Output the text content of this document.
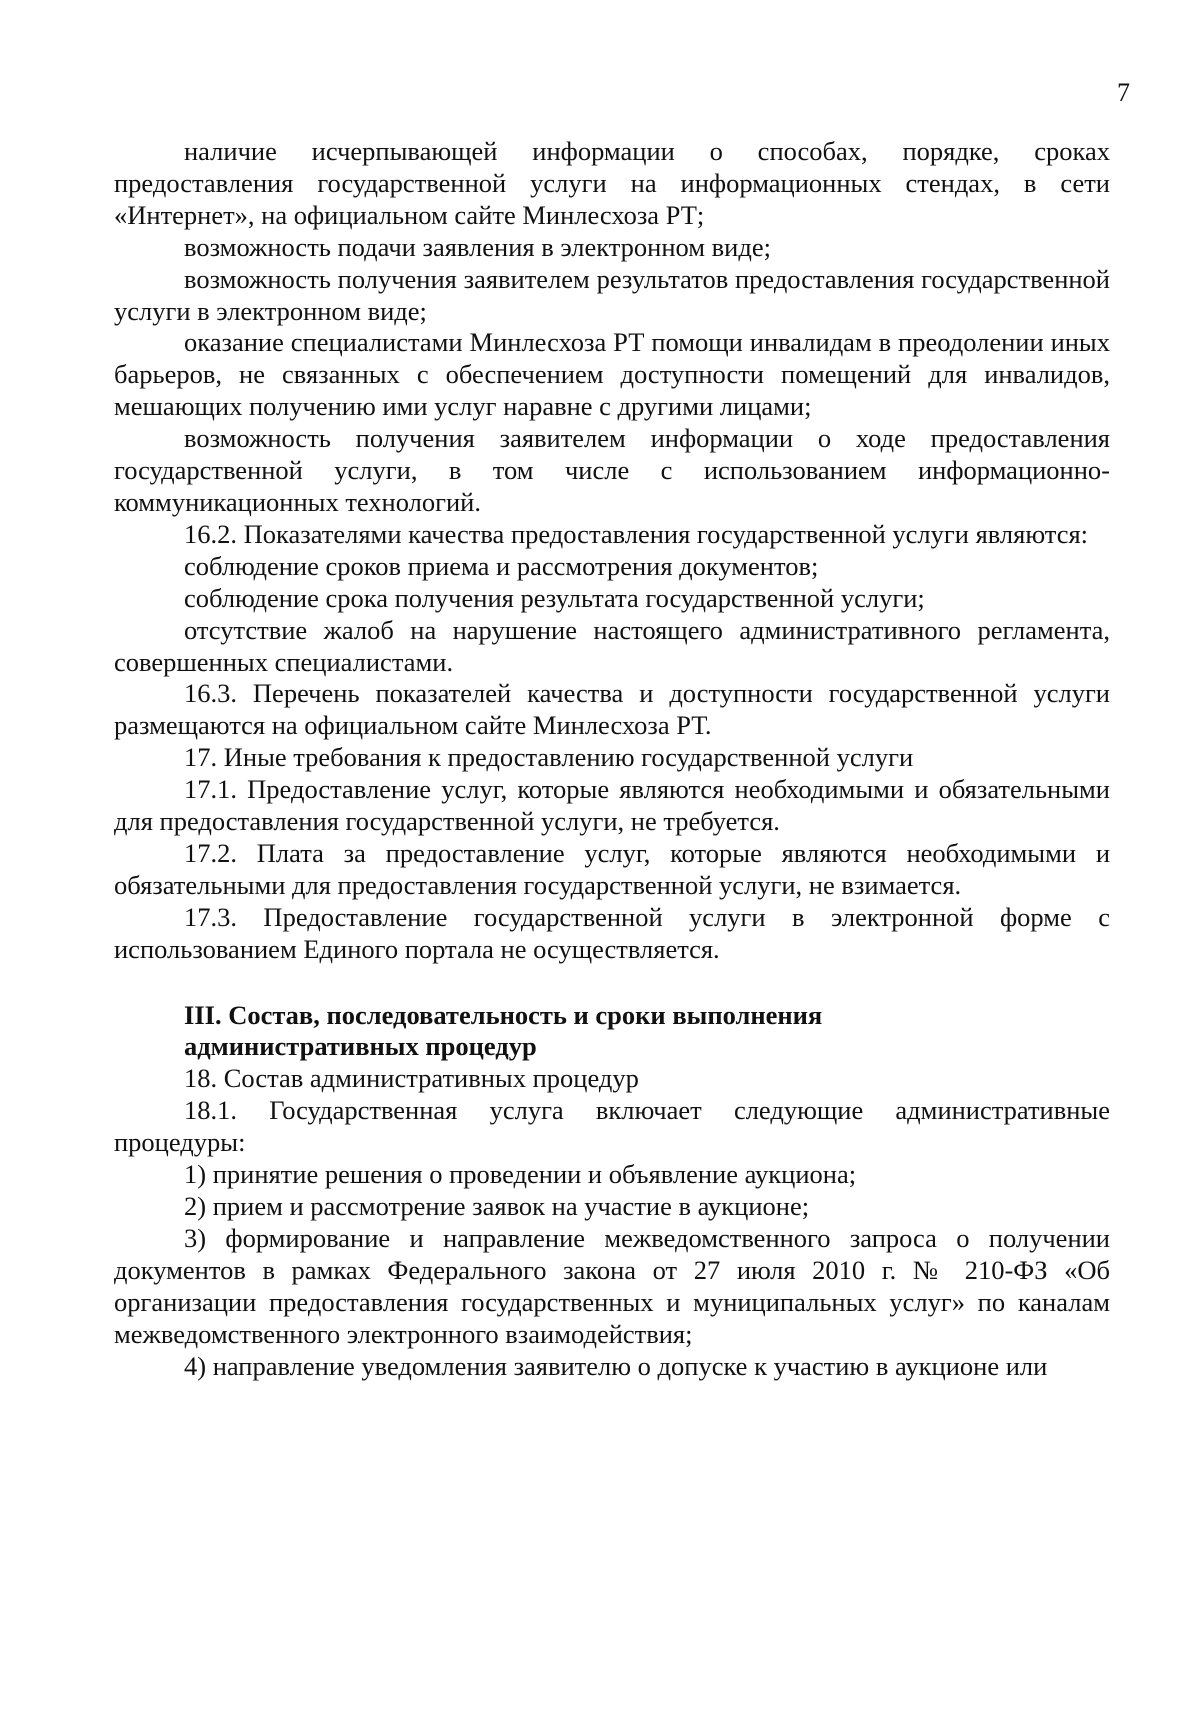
7

наличие исчерпывающей информации о способах, порядке, сроках предоставления государственной услуги на информационных стендах, в сети «Интернет», на официальном сайте Минлесхоза РТ;

возможность подачи заявления в электронном виде;

возможность получения заявителем результатов предоставления государственной услуги в электронном виде;

оказание специалистами Минлесхоза РТ помощи инвалидам в преодолении иных барьеров, не связанных с обеспечением доступности помещений для инвалидов, мешающих получению ими услуг наравне с другими лицами;

возможность получения заявителем информации о ходе предоставления государственной услуги, в том числе с использованием информационно-коммуникационных технологий.

16.2. Показателями качества предоставления государственной услуги являются:

соблюдение сроков приема и рассмотрения документов;

соблюдение срока получения результата государственной услуги;

отсутствие жалоб на нарушение настоящего административного регламента, совершенных специалистами.

16.3. Перечень показателей качества и доступности государственной услуги размещаются на официальном сайте Минлесхоза РТ.

17. Иные требования к предоставлению государственной услуги

17.1. Предоставление услуг, которые являются необходимыми и обязательными для предоставления государственной услуги, не требуется.

17.2. Плата за предоставление услуг, которые являются необходимыми и обязательными для предоставления государственной услуги, не взимается.

17.3. Предоставление государственной услуги в электронной форме с использованием Единого портала не осуществляется.

III. Состав, последовательность и сроки выполнения

административных процедур

18. Состав административных процедур

18.1. Государственная услуга включает следующие административные процедуры:

1) принятие решения о проведении и объявление аукциона;

2) прием и рассмотрение заявок на участие в аукционе;

3) формирование и направление межведомственного запроса о получении документов в рамках Федерального закона от 27 июля 2010 г. № 210-ФЗ «Об организации предоставления государственных и муниципальных услуг» по каналам межведомственного электронного взаимодействия;

4) направление уведомления заявителю о допуске к участию в аукционе или
